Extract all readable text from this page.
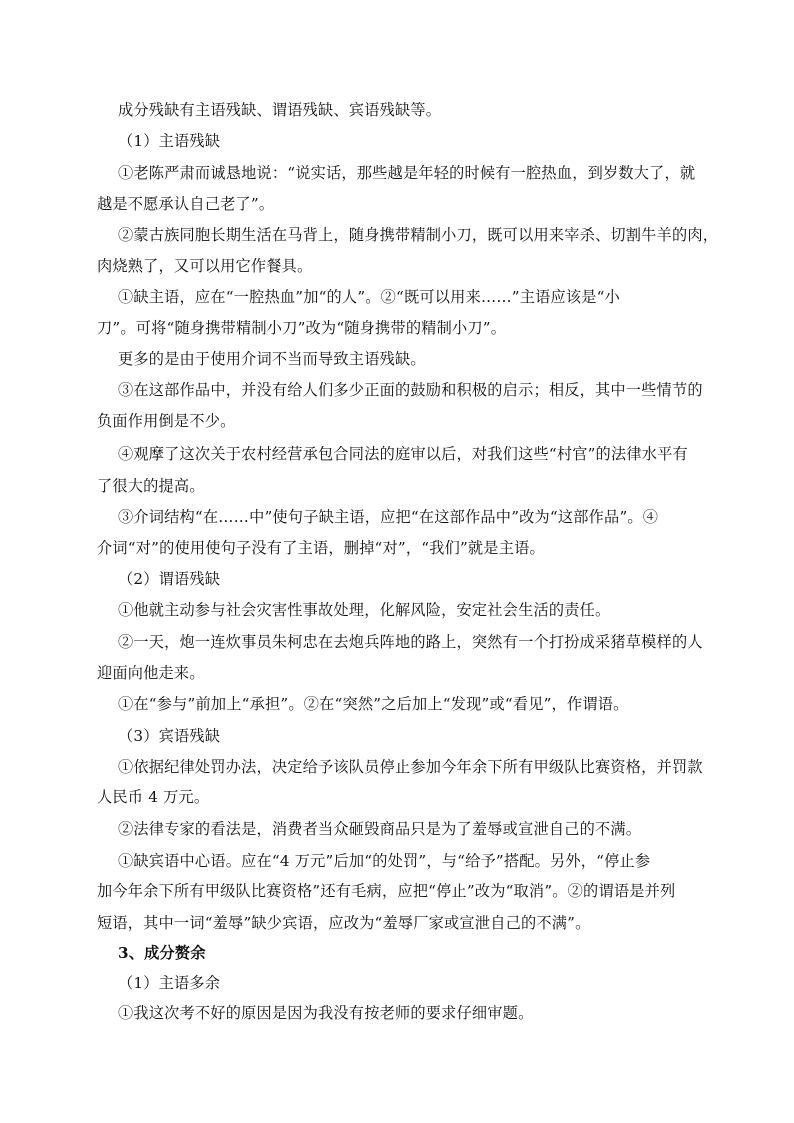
成分残缺有主语残缺、谓语残缺、宾语残缺等。
（1）主语残缺
①老陈严肃而诚恳地说：“说实话，那些越是年轻的时候有一腔热血，到岁数大了，就
越是不愿承认自己老了”。
②蒙古族同胞长期生活在马背上，随身携带精制小刀，既可以用来宰杀、切割牛羊的肉，
肉烧熟了，又可以用它作餐具。
①缺主语，应在“一腔热血”加“的人”。②“既可以用来……”主语应该是“小
刀”。可将“随身携带精制小刀”改为“随身携带的精制小刀”。
更多的是由于使用介词不当而导致主语残缺。
③在这部作品中，并没有给人们多少正面的鼓励和积极的启示；相反，其中一些情节的
负面作用倒是不少。
④观摩了这次关于农村经营承包合同法的庭审以后，对我们这些“村官”的法律水平有
了很大的提高。
③介词结构“在……中”使句子缺主语，应把“在这部作品中”改为“这部作品”。④
介词“对”的使用使句子没有了主语，删掉“对”，“我们”就是主语。
（2）谓语残缺
①他就主动参与社会灾害性事故处理，化解风险，安定社会生活的责任。
②一天，炮一连炊事员朱柯忠在去炮兵阵地的路上，突然有一个打扮成采猪草模样的人
迎面向他走来。
①在“参与”前加上“承担”。②在“突然”之后加上“发现”或“看见”，作谓语。
（3）宾语残缺
①依据纪律处罚办法，决定给予该队员停止参加今年余下所有甲级队比赛资格，并罚款
人民币 4 万元。
②法律专家的看法是，消费者当众砸毁商品只是为了羞辱或宣泄自己的不满。
①缺宾语中心语。应在“4 万元”后加“的处罚”，与“给予”搭配。另外，“停止参
加今年余下所有甲级队比赛资格”还有毛病，应把“停止”改为“取消”。②的谓语是并列
短语，其中一词“羞辱”缺少宾语，应改为“羞辱厂家或宣泄自己的不满”。
3、成分赘余
（1）主语多余
①我这次考不好的原因是因为我没有按老师的要求仔细审题。
